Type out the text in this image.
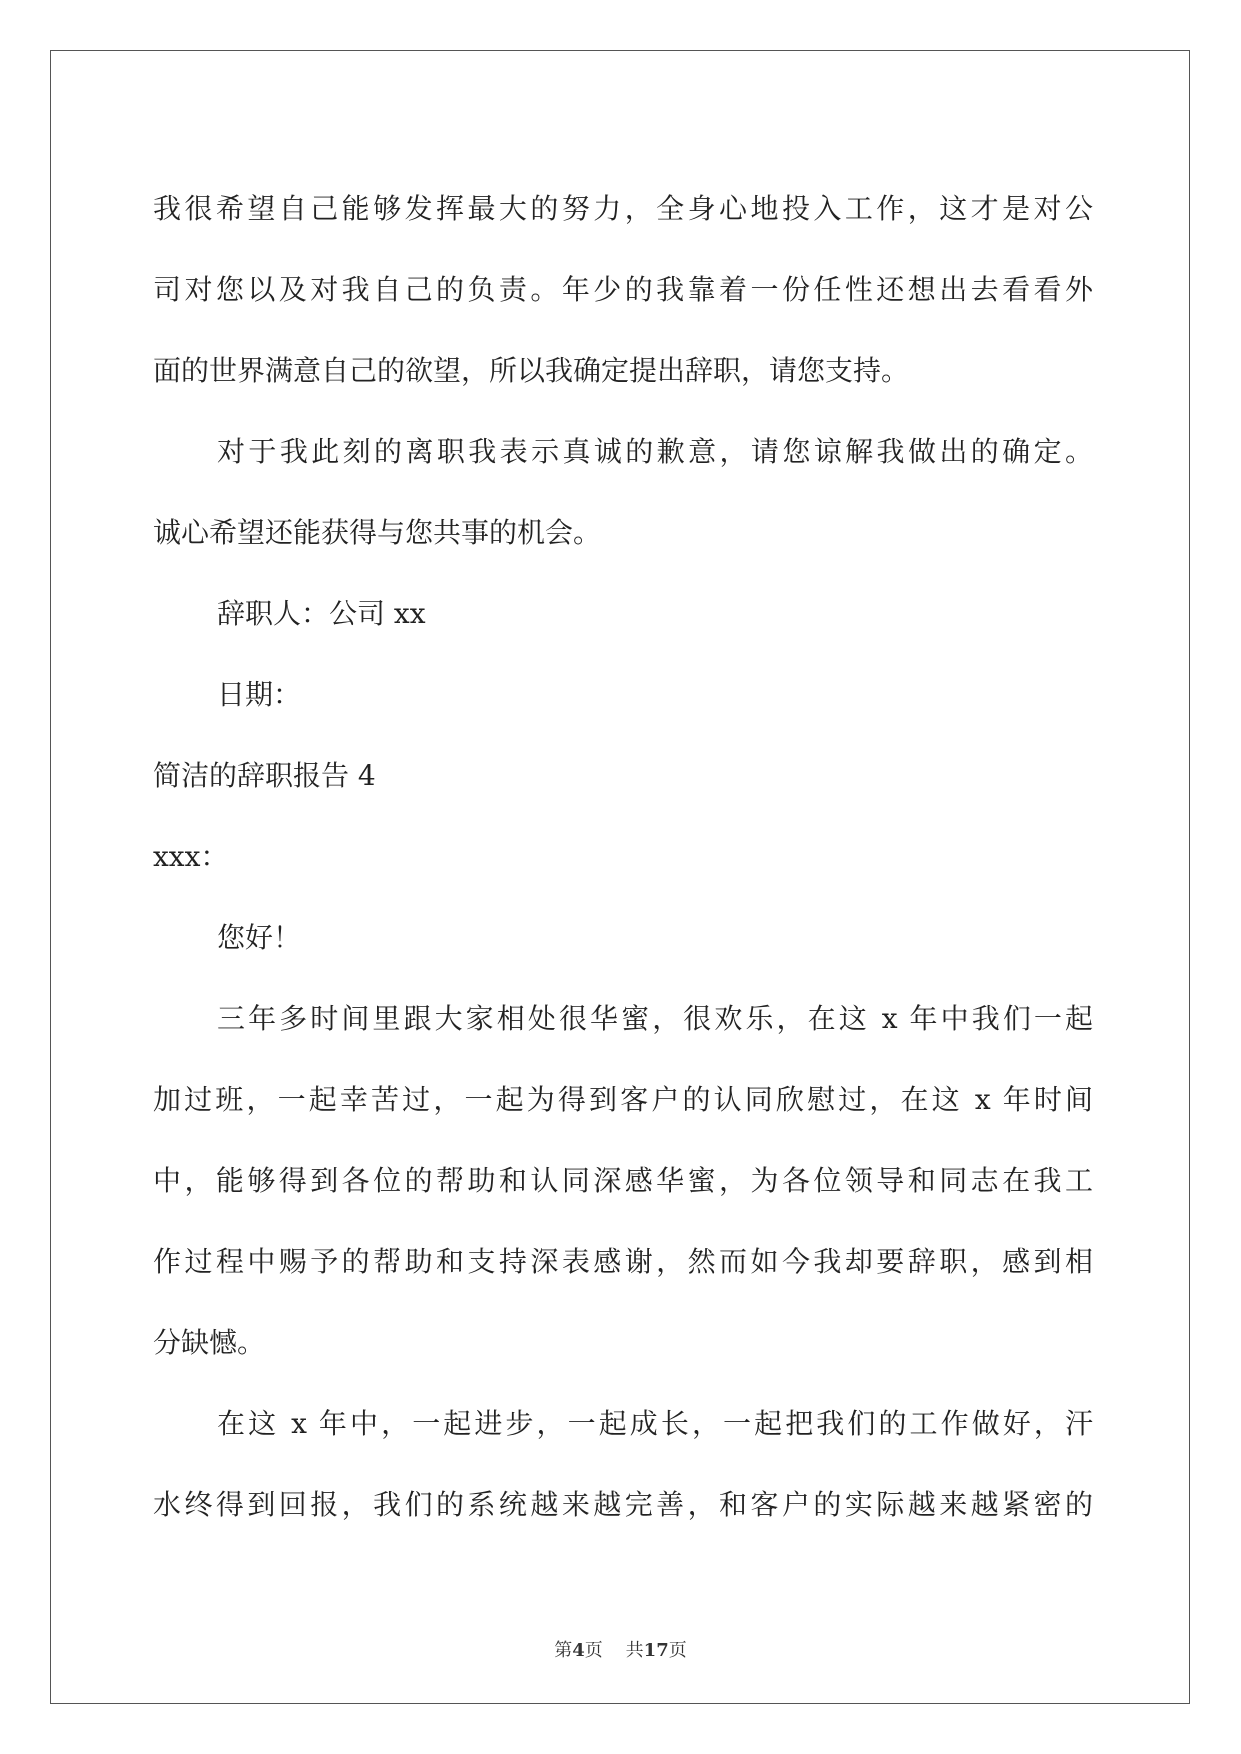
我很希望自己能够发挥最大的努力，全身心地投入工作，这才是对公
司对您以及对我自己的负责。年少的我靠着一份任性还想出去看看外
面的世界满意自己的欲望，所以我确定提出辞职，请您支持。
对于我此刻的离职我表示真诚的歉意，请您谅解我做出的确定。
诚心希望还能获得与您共事的机会。
辞职人：公司 xx
日期：
简洁的辞职报告 4
xxx：
您好！
三年多时间里跟大家相处很华蜜，很欢乐，在这 x 年中我们一起
加过班，一起幸苦过，一起为得到客户的认同欣慰过，在这 x 年时间
中，能够得到各位的帮助和认同深感华蜜，为各位领导和同志在我工
作过程中赐予的帮助和支持深表感谢，然而如今我却要辞职，感到相
分缺憾。
在这 x 年中，一起进步，一起成长，一起把我们的工作做好，汗
水终得到回报，我们的系统越来越完善，和客户的实际越来越紧密的
第4页 共17页
